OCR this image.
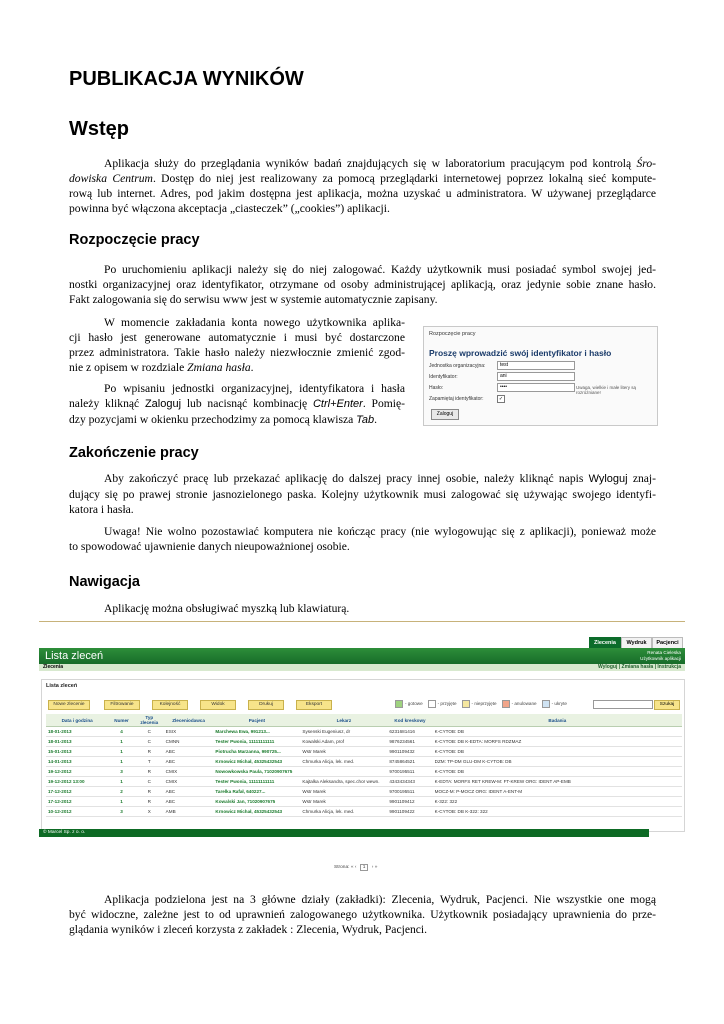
PUBLIKACJA WYNIKÓW
Wstęp
Aplikacja służy do przeglądania wyników badań znajdujących się w laboratorium pracującym pod kontrolą Śro-
dowiska Centrum. Dostęp do niej jest realizowany za pomocą przeglądarki internetowej poprzez lokalną sieć kompute-
rową lub internet. Adres, pod jakim dostępna jest aplikacja, można uzyskać u administratora. W używanej przeglądarce
powinna być włączona akceptacja „ciasteczek” („cookies”) aplikacji.
Rozpoczęcie pracy
Po uruchomieniu aplikacji należy się do niej zalogować. Każdy użytkownik musi posiadać symbol swojej jed-
nostki organizacyjnej oraz identyfikator, otrzymane od osoby administrującej aplikacją, oraz jedynie sobie znane hasło.
Fakt zalogowania się do serwisu www jest w systemie automatycznie zapisany.
W momencie zakładania konta nowego użytkownika aplika-
cji hasło jest generowane automatycznie i musi być dostarczone
przez administratora. Takie hasło należy niezwłocznie zmienić zgod-
nie z opisem w rozdziale Zmiana hasła.
Po wpisaniu jednostki organizacyjnej, identyfikatora i hasła
należy kliknąć Zaloguj lub nacisnąć kombinację Ctrl+Enter. Pomię-
dzy pozycjami w okienku przechodzimy za pomocą klawisza Tab.
Rozpoczęcie pracy
Proszę wprowadzić swój identyfikator i hasło
Jednostka organizacyjna:	test
Identyfikator:	ani
Hasło:	••••	Uwaga, wielkie i małe litery są rozróżniane!
Zapamiętaj identyfikator:	✓
Zaloguj
Zakończenie pracy
Aby zakończyć pracę lub przekazać aplikację do dalszej pracy innej osobie, należy kliknąć napis Wyloguj znaj-
dujący się po prawej stronie jasnozielonego paska. Kolejny użytkownik musi zalogować się używając swojego identyfi-
katora i hasła.
Uwaga! Nie wolno pozostawiać komputera nie kończąc pracy (nie wylogowując się z aplikacji), ponieważ może
to spowodować ujawnienie danych nieupoważnionej osobie.
Nawigacja
Aplikację można obsługiwać myszką lub klawiaturą.
Zlecenia	Wydruk	Pacjenci
Lista zleceń	Renata Cieleska
Użytkownik aplikacji
Zlecenia	Wyloguj | Zmiana hasła | Instrukcja
Lista zleceń
Nowe zlecenie	Filtrowanie	Kolejność	Widok	Drukuj	Eksport	- gotowe	- przyjęte	- nieprzyjęte	- anulowane	- ukryte	Szukaj
Data i godzina	Numer	Typ zlecenia	Zleceniodawca	Pacjent	Lekarz	Kod kreskowy	Badania
18-01-2013	4	C	ESIX	Marchewa Ewa, 991213...	Sysenski Eugeniusz, dr	6231681416	K-CYTOB: DB
18-01-2013	1	C	CMNN	Tester Pwonia, 11111111111	Kowalski Adam, prof	9876234561	K-CYTOB: DB K-EDTA: MORFS RDZMAZ
15-01-2013	1	R	ABC	Piotrucha Marzanna, 990725...	Wstr Marek	9901109432	K-CYTOB: DB
14-01-2013	1	T	ABC	Krnowicz Michał, 45325432543	Chmurka Alicja, lek. med.	8745864521	DZM: TP-DM GLU-DM K-CYTOB: DB
19-12-2012	3	R	CMIX	Nowowkowska Paula, 71020907675		9700195511	K-CYTOB: DB
19-12-2012 13:00	1	C	CMIX	Tester Pwonia, 11111111111	Kajtalka Aleksandra, spec.chor wewn.	4343434343	K-EDTA: MORFS RET KREW-M: FT-KREW ORG: IDENT AP-EMB
17-12-2012	2	R	ABC	Tarelka Rafał, 640227...	Wstr Marek	9700195511	MOCZ-M: P-MOCZ ORG: IDENT A-ENT-M
17-12-2012	1	R	ABC	Kowalski Jan, 71020907675	Wstr Marek	9901109412	K-322: 322
10-12-2012	3	X	AMB	Krnowicz Michał, 45325432543	Chmurka Alicja, lek. med.	9901109422	K-CYTOB: DB K-322: 322
Strona: « ‹ 1 › »
© Marcel Sp. z o. o.
Aplikacja podzielona jest na 3 główne działy (zakładki): Zlecenia, Wydruk, Pacjenci. Nie wszystkie one mogą
być widoczne, zależne jest to od uprawnień zalogowanego użytkownika. Użytkownik posiadający uprawnienia do prze-
glądania wyników i zleceń korzysta z zakładek : Zlecenia, Wydruk, Pacjenci.
